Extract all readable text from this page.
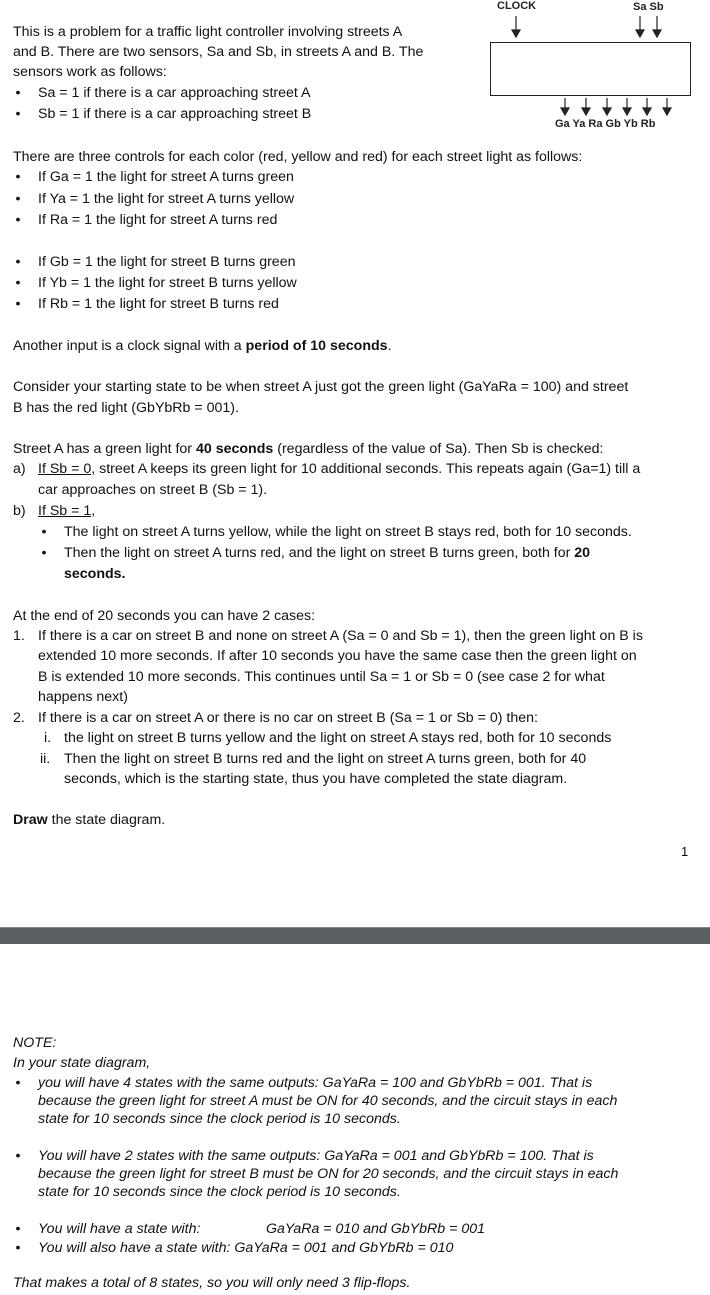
CLOCK	Sa Sb
Ga Ya Ra Gb Yb Rb

This is a problem for a traffic light controller involving streets A

and B. There are two sensors, Sa and Sb, in streets A and B. The

sensors work as follows:

• Sa = 1 if there is a car approaching street A
• Sb = 1 if there is a car approaching street B

There are three controls for each color (red, yellow and red) for each street light as follows:

• If Ga = 1 the light for street A turns green
• If Ya = 1 the light for street A turns yellow
• If Ra = 1 the light for street A turns red
• If Gb = 1 the light for street B turns green
• If Yb = 1 the light for street B turns yellow
• If Rb = 1 the light for street B turns red

Another input is a clock signal with a period of 10 seconds.

Consider your starting state to be when street A just got the green light (GaYaRa = 100) and street

B has the red light (GbYbRb = 001).

Street A has a green light for 40 seconds (regardless of the value of Sa). Then Sb is checked:

a) If Sb = 0, street A keeps its green light for 10 additional seconds. This repeats again (Ga=1) till a

car approaches on street B (Sb = 1).

b) If Sb = 1,

• The light on street A turns yellow, while the light on street B stays red, both for 10 seconds.
• Then the light on street A turns red, and the light on street B turns green, both for 20

seconds.

At the end of 20 seconds you can have 2 cases:

1. If there is a car on street B and none on street A (Sa = 0 and Sb = 1), then the green light on B is

extended 10 more seconds. If after 10 seconds you have the same case then the green light on

B is extended 10 more seconds. This continues until Sa = 1 or Sb = 0 (see case 2 for what

happens next)

2. If there is a car on street A or there is no car on street B (Sa = 1 or Sb = 0) then:

i. the light on street B turns yellow and the light on street A stays red, both for 10 seconds

ii. Then the light on street B turns red and the light on street A turns green, both for 40

seconds, which is the starting state, thus you have completed the state diagram.

Draw the state diagram.

1

NOTE:

In your state diagram,

• you will have 4 states with the same outputs: GaYaRa = 100 and GbYbRb = 001. That is

because the green light for street A must be ON for 40 seconds, and the circuit stays in each

state for 10 seconds since the clock period is 10 seconds.

• You will have 2 states with the same outputs: GaYaRa = 001 and GbYbRb = 100. That is

because the green light for street B must be ON for 20 seconds, and the circuit stays in each

state for 10 seconds since the clock period is 10 seconds.

• You will have a state with:	GaYaRa = 010 and GbYbRb = 001
• You will also have a state with: GaYaRa = 001 and GbYbRb = 010

That makes a total of 8 states, so you will only need 3 flip-flops.
